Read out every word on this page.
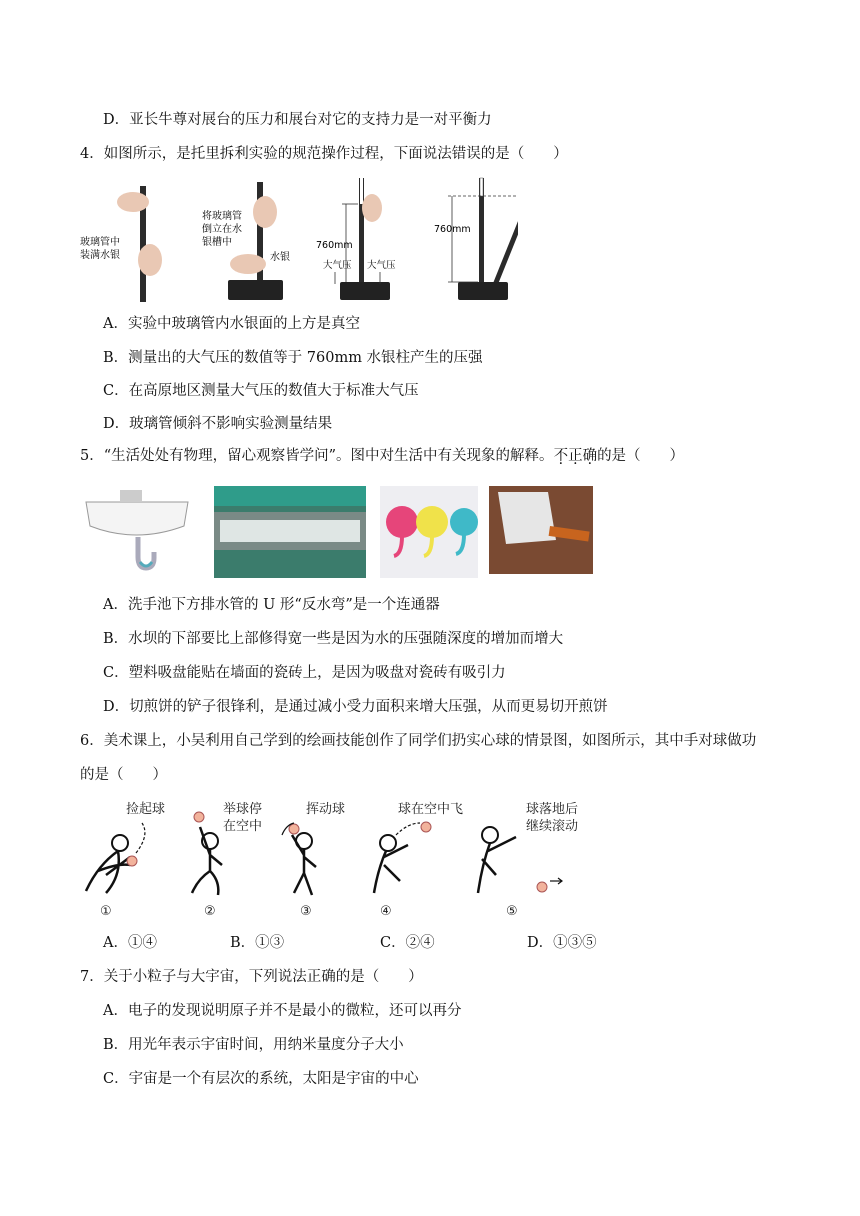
D．亚长牛尊对展台的压力和展台对它的支持力是一对平衡力
4．如图所示，是托里拆利实验的规范操作过程，下面说法错误的是（　　）
玻璃管中
装满水银
将玻璃管
倒立在水
银槽中
水银
760mm
大气压 大气压
760mm
A．实验中玻璃管内水银面的上方是真空
B．测量出的大气压的数值等于 760mm 水银柱产生的压强
C．在高原地区测量大气压的数值大于标准大气压
D．玻璃管倾斜不影响实验测量结果
5．“生活处处有物理，留心观察皆学问”。图中对生活中有关现象的解释。不正确的是（　　）
A．洗手池下方排水管的 U 形“反水弯”是一个连通器
B．水坝的下部要比上部修得宽一些是因为水的压强随深度的增加而增大
C．塑料吸盘能贴在墙面的瓷砖上，是因为吸盘对瓷砖有吸引力
D．切煎饼的铲子很锋利，是通过减小受力面积来增大压强，从而更易切开煎饼
6．美术课上，小吴利用自己学到的绘画技能创作了同学们扔实心球的情景图，如图所示，其中手对球做功
的是（　　）
捡起球
①
举球停
在空中
②
挥动球
③
球在空中飞
④
球落地后
继续滚动
⑤
A．①④	B．①③	C．②④	D．①③⑤
7．关于小粒子与大宇宙，下列说法正确的是（　　）
A．电子的发现说明原子并不是最小的微粒，还可以再分
B．用光年表示宇宙时间，用纳米量度分子大小
C．宇宙是一个有层次的系统，太阳是宇宙的中心
